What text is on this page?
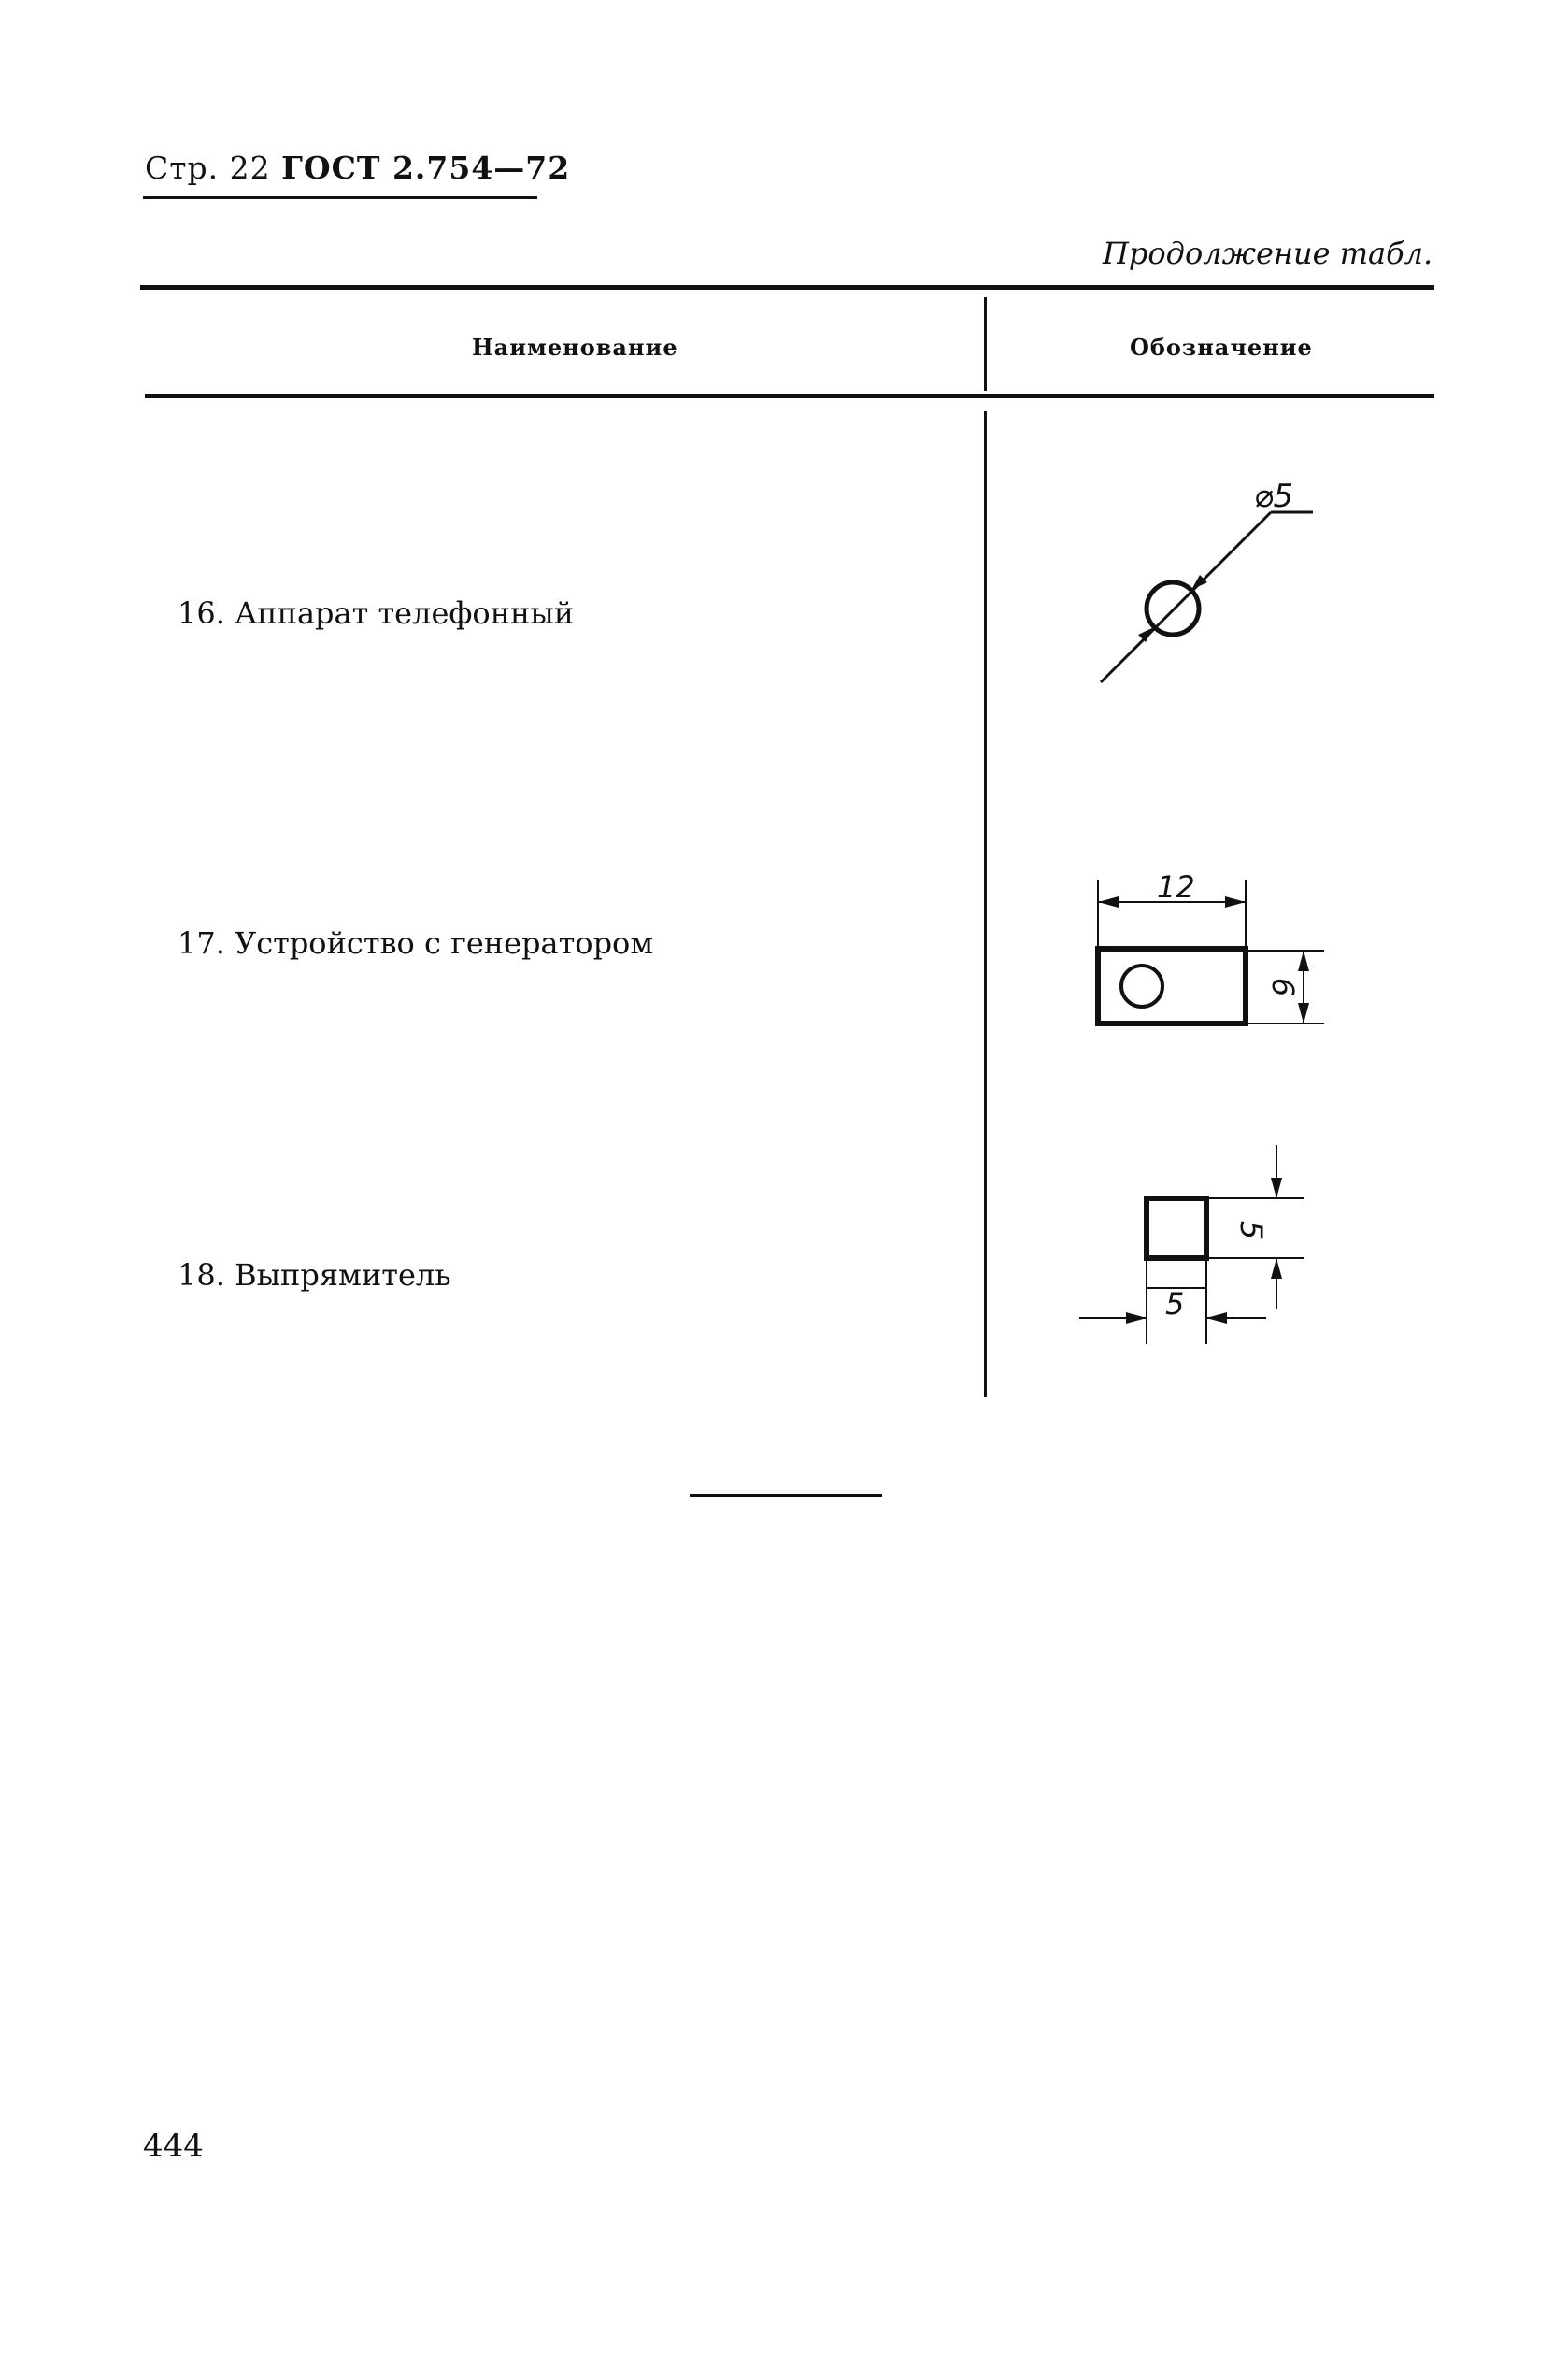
Стр. 22 ГОСТ 2.754—72
Продолжение табл.
Наименование	Обозначение
16. Аппарат телефонный
17. Устройство с генератором
18. Выпрямитель
⌀5
12
6
5
5
444
